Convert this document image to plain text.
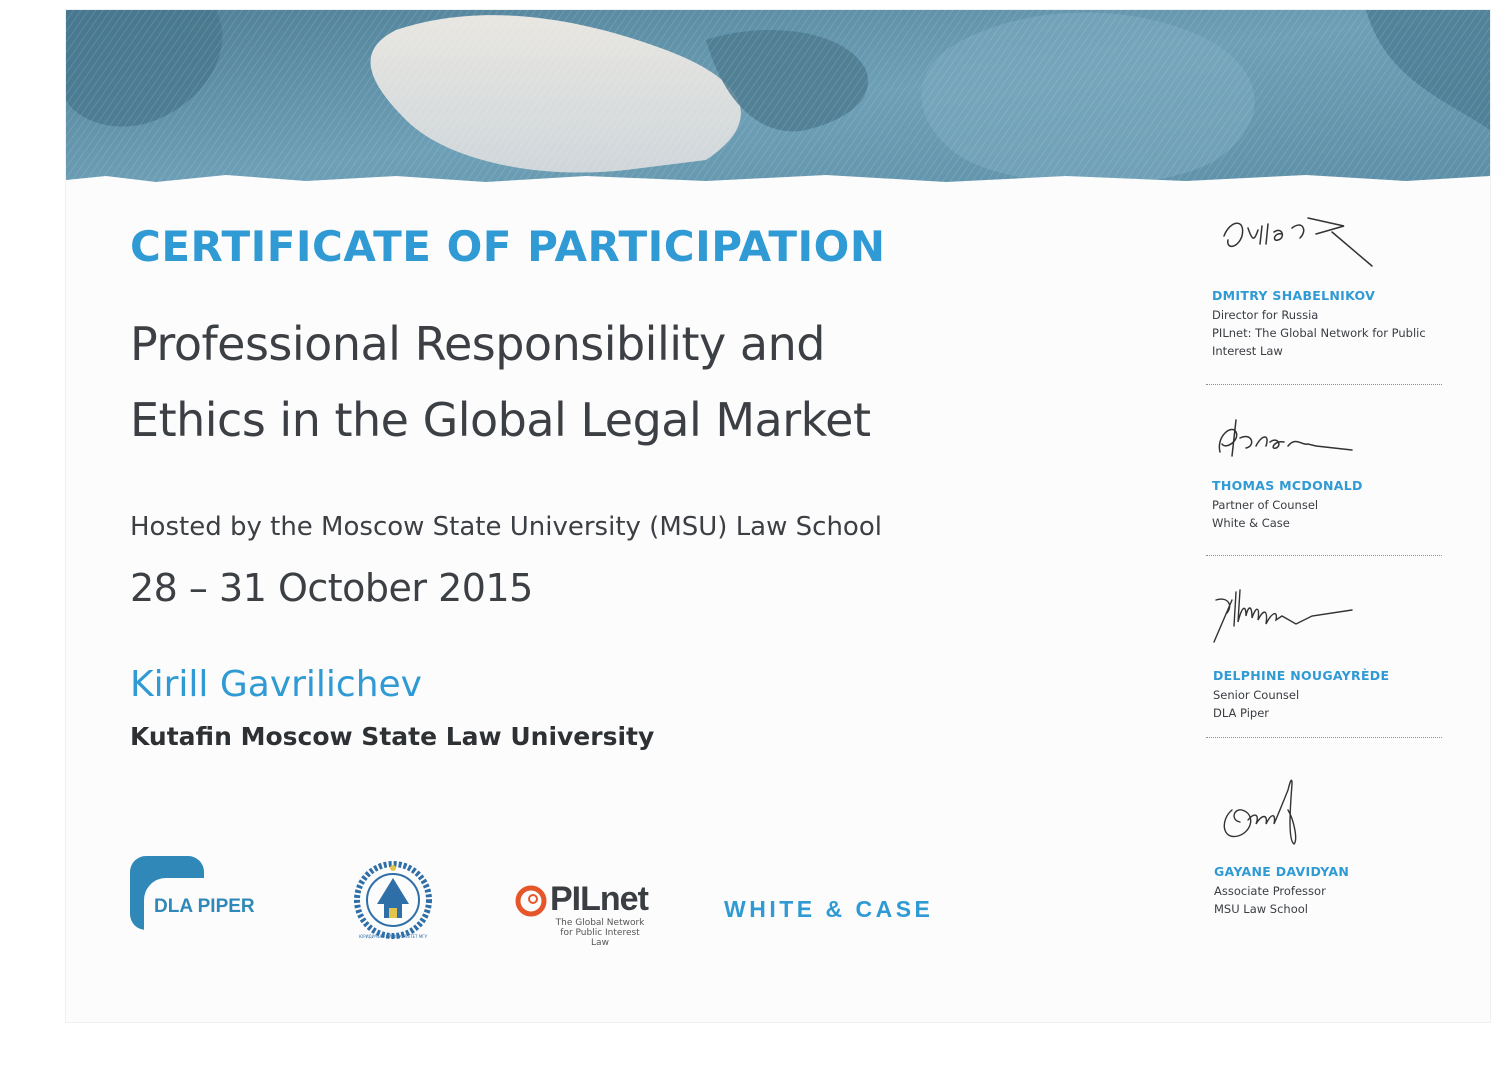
CERTIFICATE OF PARTICIPATION
Professional Responsibility and
Ethics in the Global Legal Market
Hosted by the Moscow State University (MSU) Law School
28 – 31 October 2015
Kirill Gavrilichev
Kutafin Moscow State Law University
DLA PIPER
ЮРИДИЧЕСКИЙ ФАКУЛЬТЕТ МГУ
PILnet
The Global Network
for Public Interest Law
WHITE & CASE
DMITRY SHABELNIKOV
Director for Russia
PILnet: The Global Network for Public
Interest Law
THOMAS MCDONALD
Partner of Counsel
White & Case
DELPHINE NOUGAYRÈDE
Senior Counsel
DLA Piper
GAYANE DAVIDYAN
Associate Professor
MSU Law School
